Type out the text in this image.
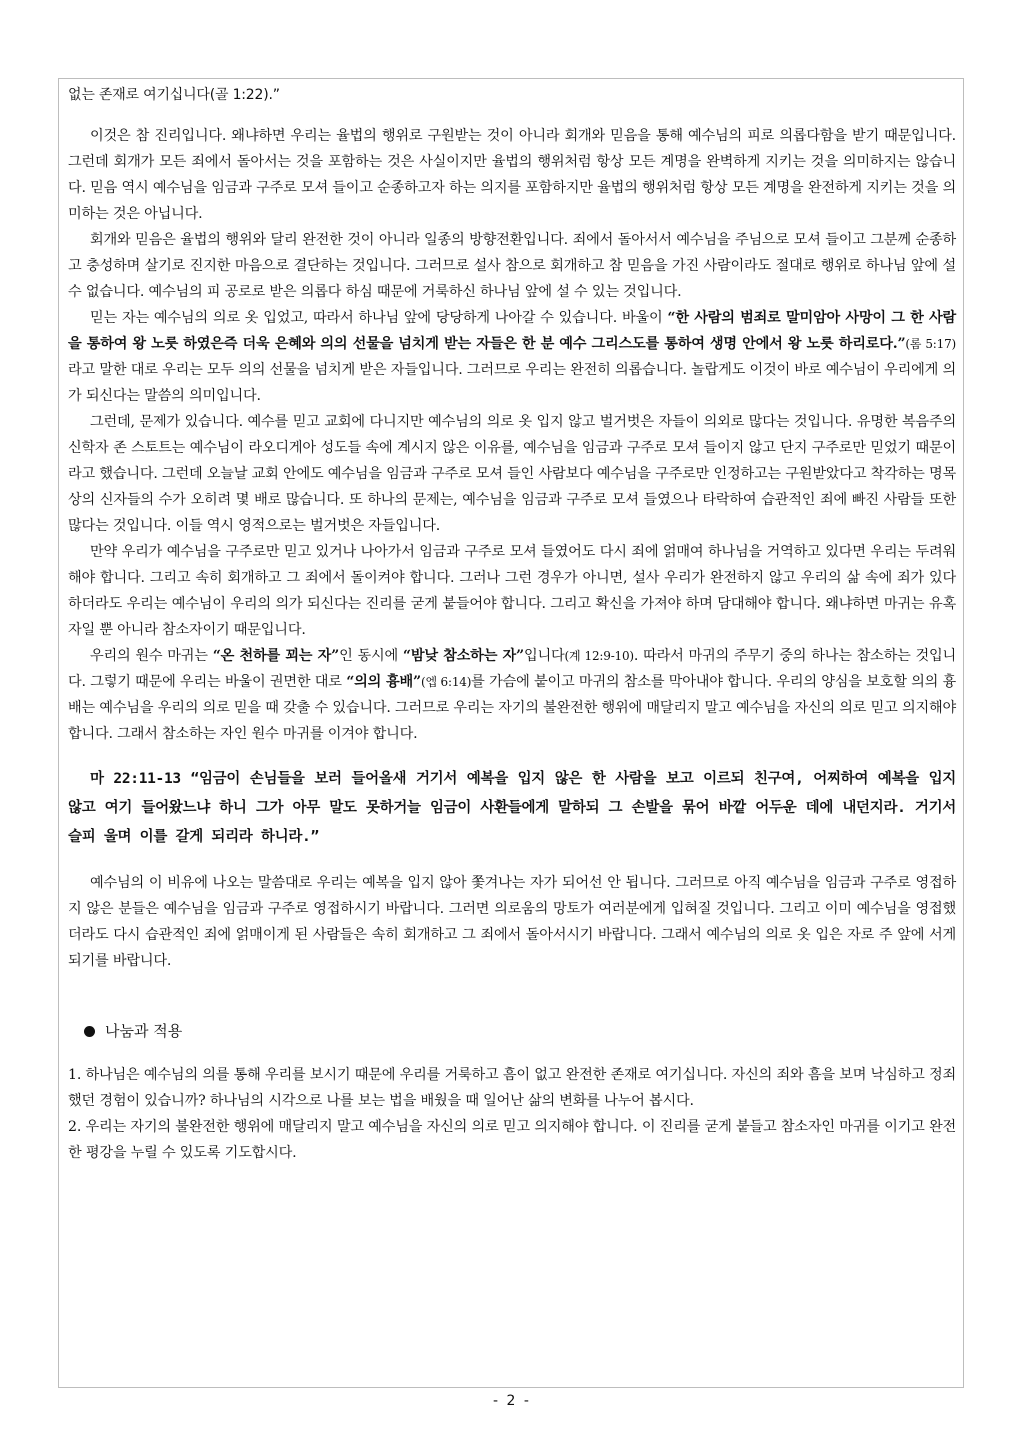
없는 존재로 여기십니다(골 1:22).”

이것은 참 진리입니다. 왜냐하면 우리는 율법의 행위로 구원받는 것이 아니라 회개와 믿음을 통해 예수님의 피로 의롭다함을 받기 때문입니다. 그런데 회개가 모든 죄에서 돌아서는 것을 포함하는 것은 사실이지만 율법의 행위처럼 항상 모든 계명을 완벽하게 지키는 것을 의미하지는 않습니다. 믿음 역시 예수님을 임금과 구주로 모셔 들이고 순종하고자 하는 의지를 포함하지만 율법의 행위처럼 항상 모든 계명을 완전하게 지키는 것을 의미하는 것은 아닙니다.

회개와 믿음은 율법의 행위와 달리 완전한 것이 아니라 일종의 방향전환입니다. 죄에서 돌아서서 예수님을 주님으로 모셔 들이고 그분께 순종하고 충성하며 살기로 진지한 마음으로 결단하는 것입니다. 그러므로 설사 참으로 회개하고 참 믿음을 가진 사람이라도 절대로 행위로 하나님 앞에 설 수 없습니다. 예수님의 피 공로로 받은 의롭다 하심 때문에 거룩하신 하나님 앞에 설 수 있는 것입니다.

믿는 자는 예수님의 의로 옷 입었고, 따라서 하나님 앞에 당당하게 나아갈 수 있습니다. 바울이 “한 사람의 범죄로 말미암아 사망이 그 한 사람을 통하여 왕 노릇 하였은즉 더욱 은혜와 의의 선물을 넘치게 받는 자들은 한 분 예수 그리스도를 통하여 생명 안에서 왕 노릇 하리로다.”(롬 5:17)라고 말한 대로 우리는 모두 의의 선물을 넘치게 받은 자들입니다. 그러므로 우리는 완전히 의롭습니다. 놀랍게도 이것이 바로 예수님이 우리에게 의가 되신다는 말씀의 의미입니다.

그런데, 문제가 있습니다. 예수를 믿고 교회에 다니지만 예수님의 의로 옷 입지 않고 벌거벗은 자들이 의외로 많다는 것입니다. 유명한 복음주의 신학자 존 스토트는 예수님이 라오디게아 성도들 속에 계시지 않은 이유를, 예수님을 임금과 구주로 모셔 들이지 않고 단지 구주로만 믿었기 때문이라고 했습니다. 그런데 오늘날 교회 안에도 예수님을 임금과 구주로 모셔 들인 사람보다 예수님을 구주로만 인정하고는 구원받았다고 착각하는 명목상의 신자들의 수가 오히려 몇 배로 많습니다. 또 하나의 문제는, 예수님을 임금과 구주로 모셔 들였으나 타락하여 습관적인 죄에 빠진 사람들 또한 많다는 것입니다. 이들 역시 영적으로는 벌거벗은 자들입니다.

만약 우리가 예수님을 구주로만 믿고 있거나 나아가서 임금과 구주로 모셔 들였어도 다시 죄에 얽매여 하나님을 거역하고 있다면 우리는 두려워해야 합니다. 그리고 속히 회개하고 그 죄에서 돌이켜야 합니다. 그러나 그런 경우가 아니면, 설사 우리가 완전하지 않고 우리의 삶 속에 죄가 있다 하더라도 우리는 예수님이 우리의 의가 되신다는 진리를 굳게 붙들어야 합니다. 그리고 확신을 가져야 하며 담대해야 합니다. 왜냐하면 마귀는 유혹자일 뿐 아니라 참소자이기 때문입니다.

우리의 원수 마귀는 “온 천하를 꾀는 자”인 동시에 “밤낮 참소하는 자”입니다(계 12:9-10). 따라서 마귀의 주무기 중의 하나는 참소하는 것입니다. 그렇기 때문에 우리는 바울이 권면한 대로 “의의 흉배”(엡 6:14)를 가슴에 붙이고 마귀의 참소를 막아내야 합니다. 우리의 양심을 보호할 의의 흉배는 예수님을 우리의 의로 믿을 때 갖출 수 있습니다. 그러므로 우리는 자기의 불완전한 행위에 매달리지 말고 예수님을 자신의 의로 믿고 의지해야 합니다. 그래서 참소하는 자인 원수 마귀를 이겨야 합니다.

마 22:11-13 “임금이 손님들을 보러 들어올새 거기서 예복을 입지 않은 한 사람을 보고 이르되 친구여, 어찌하여 예복을 입지 않고 여기 들어왔느냐 하니 그가 아무 말도 못하거늘 임금이 사환들에게 말하되 그 손발을 묶어 바깥 어두운 데에 내던지라. 거기서 슬피 울며 이를 갈게 되리라 하니라.”

예수님의 이 비유에 나오는 말씀대로 우리는 예복을 입지 않아 쫓겨나는 자가 되어선 안 됩니다. 그러므로 아직 예수님을 임금과 구주로 영접하지 않은 분들은 예수님을 임금과 구주로 영접하시기 바랍니다. 그러면 의로움의 망토가 여러분에게 입혀질 것입니다. 그리고 이미 예수님을 영접했더라도 다시 습관적인 죄에 얽매이게 된 사람들은 속히 회개하고 그 죄에서 돌아서시기 바랍니다. 그래서 예수님의 의로 옷 입은 자로 주 앞에 서게 되기를 바랍니다.

나눔과 적용

1. 하나님은 예수님의 의를 통해 우리를 보시기 때문에 우리를 거룩하고 흠이 없고 완전한 존재로 여기십니다. 자신의 죄와 흠을 보며 낙심하고 정죄했던 경험이 있습니까? 하나님의 시각으로 나를 보는 법을 배웠을 때 일어난 삶의 변화를 나누어 봅시다.

2. 우리는 자기의 불완전한 행위에 매달리지 말고 예수님을 자신의 의로 믿고 의지해야 합니다. 이 진리를 굳게 붙들고 참소자인 마귀를 이기고 완전한 평강을 누릴 수 있도록 기도합시다.

- 2 -
